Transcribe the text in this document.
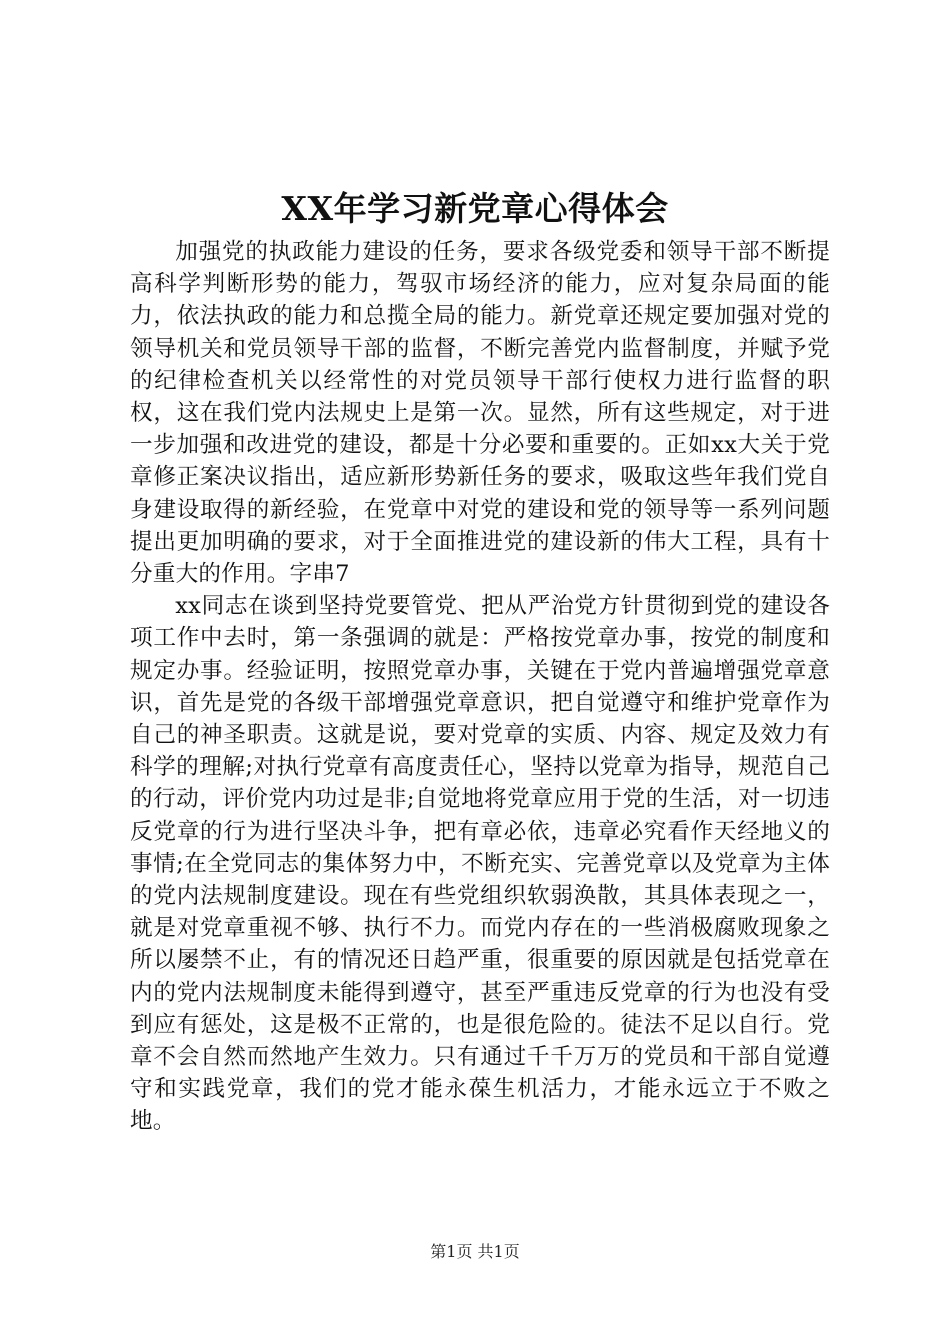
XX年学习新党章心得体会

加强党的执政能力建设的任务，要求各级党委和领导干部不断提高科学判断形势的能力，驾驭市场经济的能力，应对复杂局面的能力，依法执政的能力和总揽全局的能力。新党章还规定要加强对党的领导机关和党员领导干部的监督，不断完善党内监督制度，并赋予党的纪律检查机关以经常性的对党员领导干部行使权力进行监督的职权，这在我们党内法规史上是第一次。显然，所有这些规定，对于进一步加强和改进党的建设，都是十分必要和重要的。正如xx大关于党章修正案决议指出，适应新形势新任务的要求，吸取这些年我们党自身建设取得的新经验，在党章中对党的建设和党的领导等一系列问题提出更加明确的要求，对于全面推进党的建设新的伟大工程，具有十分重大的作用。字串7

xx同志在谈到坚持党要管党、把从严治党方针贯彻到党的建设各项工作中去时，第一条强调的就是：严格按党章办事，按党的制度和规定办事。经验证明，按照党章办事，关键在于党内普遍增强党章意识，首先是党的各级干部增强党章意识，把自觉遵守和维护党章作为自己的神圣职责。这就是说，要对党章的实质、内容、规定及效力有科学的理解;对执行党章有高度责任心，坚持以党章为指导，规范自己的行动，评价党内功过是非;自觉地将党章应用于党的生活，对一切违反党章的行为进行坚决斗争，把有章必依，违章必究看作天经地义的事情;在全党同志的集体努力中，不断充实、完善党章以及党章为主体的党内法规制度建设。现在有些党组织软弱涣散，其具体表现之一，就是对党章重视不够、执行不力。而党内存在的一些消极腐败现象之所以屡禁不止，有的情况还日趋严重，很重要的原因就是包括党章在内的党内法规制度未能得到遵守，甚至严重违反党章的行为也没有受到应有惩处，这是极不正常的，也是很危险的。徒法不足以自行。党章不会自然而然地产生效力。只有通过千千万万的党员和干部自觉遵守和实践党章，我们的党才能永葆生机活力，才能永远立于不败之地。

第1页 共1页
